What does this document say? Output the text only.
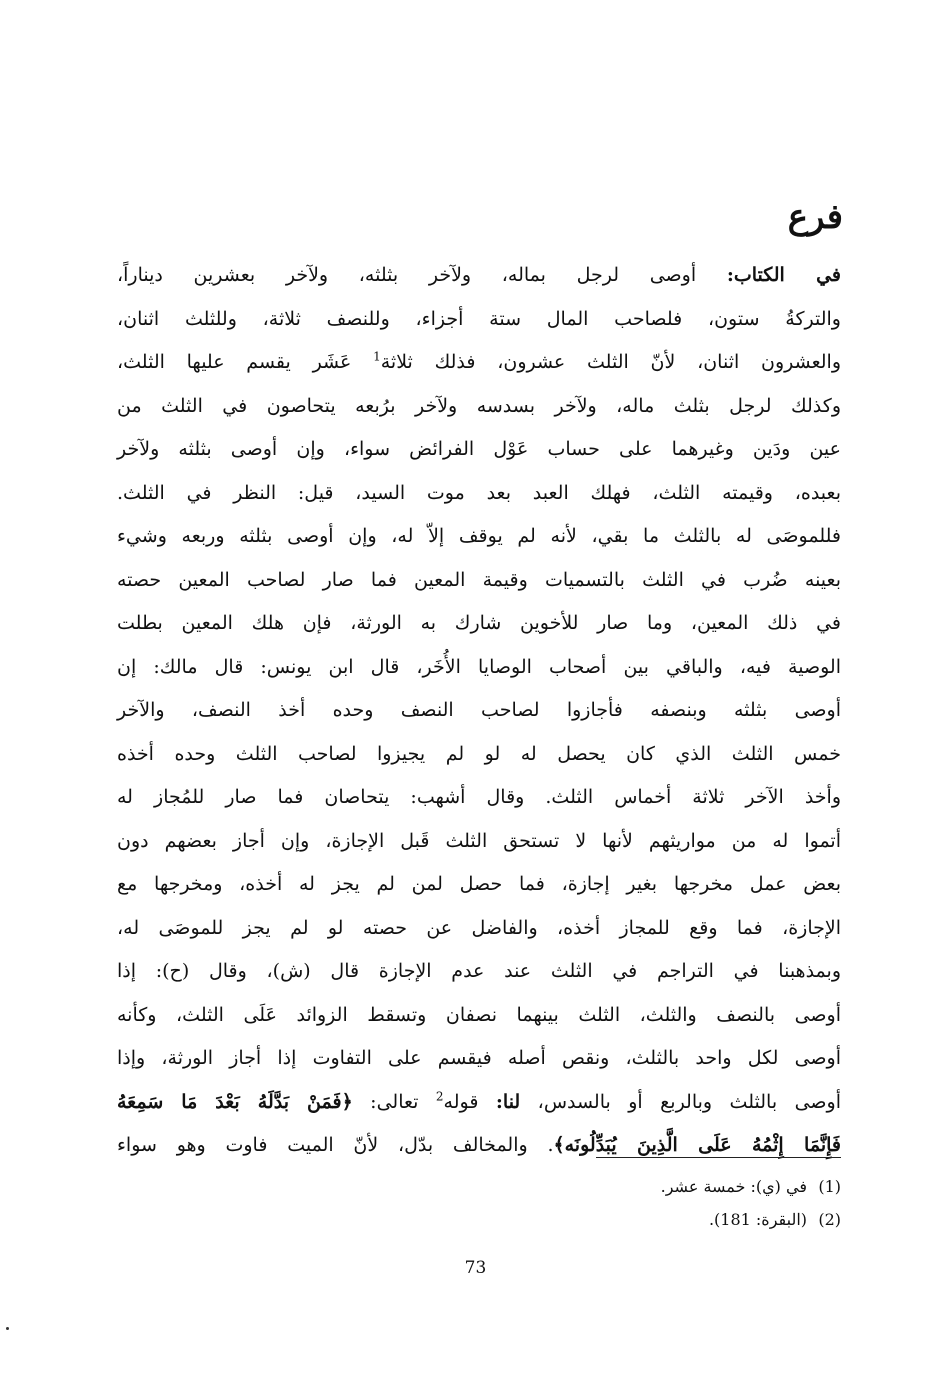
فرع
في الكتاب: أوصى لرجل بماله، ولآخر بثلثه، ولآخر بعشرين ديناراً،
والتركةُ ستون، فلصاحب المال ستة أجزاء، وللنصف ثلاثة، وللثلث اثنان،
والعشرون اثنان، لأنّ الثلث عشرون، فذلك ثلاثة$^1$ عَشَر يقسم عليها الثلث،
وكذلك لرجل بثلث ماله، ولآخر بسدسه ولآخر برُبعه يتحاصون في الثلث من
عين ودَين وغيرهما على حساب عَوْل الفرائض سواء، وإن أوصى بثلثه ولآخر
بعبده، وقيمته الثلث، فهلك العبد بعد موت السيد، قيل: النظر في الثلث.
فللموصَى له بالثلث ما بقي، لأنه لم يوقف إلاّ له، وإن أوصى بثلثه وربعه وشيء
بعينه ضُرب في الثلث بالتسميات وقيمة المعين فما صار لصاحب المعين حصته
في ذلك المعين، وما صار للأخوين شارك به الورثة، فإن هلك المعين بطلت
الوصية فيه، والباقي بين أصحاب الوصايا الأُخَر، قال ابن يونس: قال مالك: إن
أوصى بثلثه وبنصفه فأجازوا لصاحب النصف وحده أخذ النصف، والآخر
خمس الثلث الذي كان يحصل له لو لم يجيزوا لصاحب الثلث وحده أخذه
وأخذ الآخر ثلاثة أخماس الثلث. وقال أشهب: يتحاصان فما صار للمُجاز له
أتموا له من مواريثهم لأنها لا تستحق الثلث قَبل الإجازة، وإن أجاز بعضهم دون
بعض عمل مخرجها بغير إجازة، فما حصل لمن لم يجز له أخذه، ومخرجها مع
الإجازة، فما وقع للمجاز أخذه، والفاضل عن حصته لو لم يجز للموصَى له،
وبمذهبنا في التراجم في الثلث عند عدم الإجازة قال (ش)، وقال (ح): إذا
أوصى بالنصف والثلث، الثلث بينهما نصفان وتسقط الزوائد عَلَى الثلث، وكأنه
أوصى لكل واحد بالثلث، ونقص أصله فيقسم على التفاوت إذا أجاز الورثة، وإذا
أوصى بالثلث وبالربع أو بالسدس، لنا: قوله$^2$ تعالى: ﴿فَمَنْ بَدَّلَهُ بَعْدَ مَا سَمِعَهُ
فَإِنَّمَا إِثْمُهُ عَلَى الَّذِينَ يُبَدِّلُونَه﴾. والمخالف بدّل، لأنّ الميت فاوت وهو سواء
(1)في (ي): خمسة عشر.
(2)(البقرة: 181).
73
